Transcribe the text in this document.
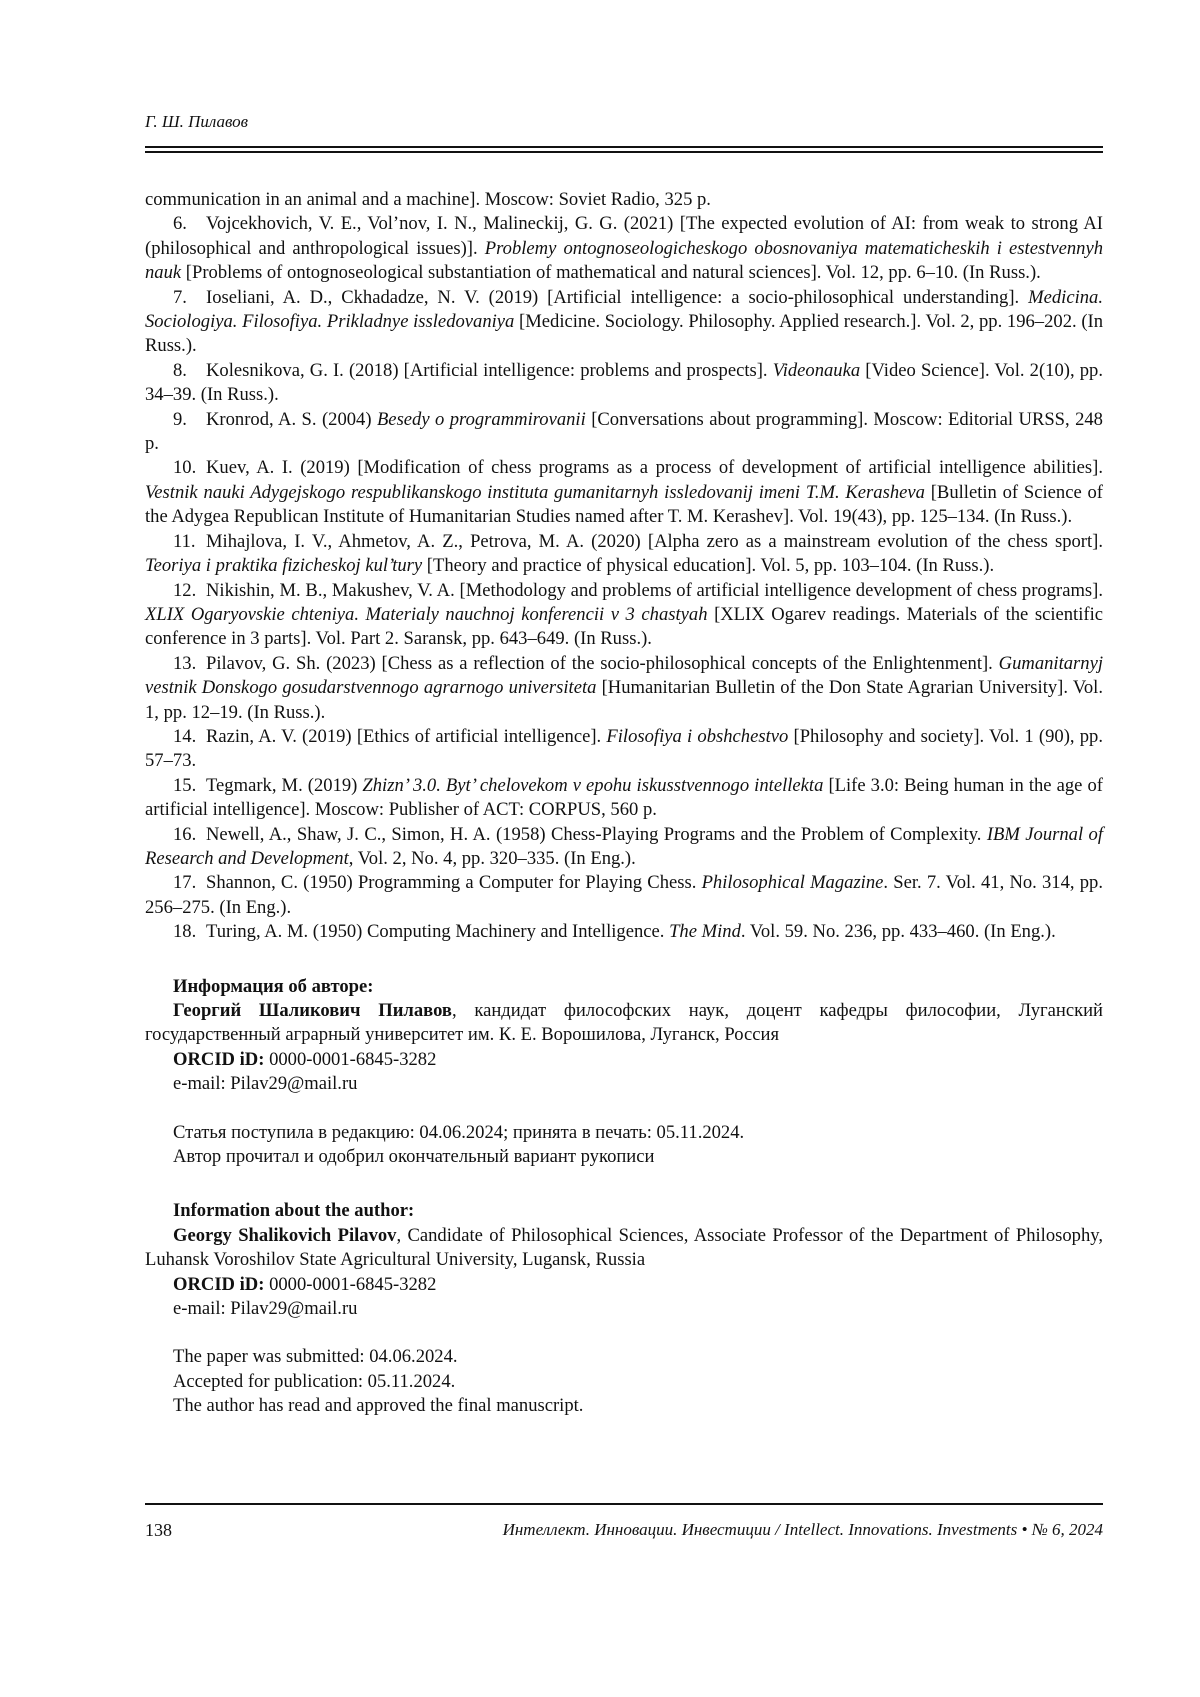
Г. Ш. Пилавов

communication in an animal and a machine]. Moscow: Soviet Radio, 325 p.

6. Vojcekhovich, V. E., Vol’nov, I. N., Malineckij, G. G. (2021) [The expected evolution of AI: from weak to strong AI (philosophical and anthropological issues)]. Problemy ontognoseologicheskogo obosnovaniya matematicheskih i estestvennyh nauk [Problems of ontognoseological substantiation of mathematical and natural sciences]. Vol. 12, pp. 6–10. (In Russ.).

7. Ioseliani, A. D., Ckhadadze, N. V. (2019) [Artificial intelligence: a socio-philosophical understanding]. Medicina. Sociologiya. Filosofiya. Prikladnye issledovaniya [Medicine. Sociology. Philosophy. Applied research.]. Vol. 2, pp. 196–202. (In Russ.).

8. Kolesnikova, G. I. (2018) [Artificial intelligence: problems and prospects]. Videonauka [Video Science]. Vol. 2(10), pp. 34–39. (In Russ.).

9. Kronrod, A. S. (2004) Besedy o programmirovanii [Conversations about programming]. Moscow: Editorial URSS, 248 p.

10. Kuev, A. I. (2019) [Modification of chess programs as a process of development of artificial intelligence abilities]. Vestnik nauki Adygejskogo respublikanskogo instituta gumanitarnyh issledovanij imeni T.M. Kerasheva [Bulletin of Science of the Adygea Republican Institute of Humanitarian Studies named after T. M. Kerashev]. Vol. 19(43), pp. 125–134. (In Russ.).

11. Mihajlova, I. V., Ahmetov, A. Z., Petrova, M. A. (2020) [Alpha zero as a mainstream evolution of the chess sport]. Teoriya i praktika fizicheskoj kul’tury [Theory and practice of physical education]. Vol. 5, pp. 103–104. (In Russ.).

12. Nikishin, M. B., Makushev, V. A. [Methodology and problems of artificial intelligence development of chess programs]. XLIX Ogaryovskie chteniya. Materialy nauchnoj konferencii v 3 chastyah [XLIX Ogarev readings. Materials of the scientific conference in 3 parts]. Vol. Part 2. Saransk, pp. 643–649. (In Russ.).

13. Pilavov, G. Sh. (2023) [Chess as a reflection of the socio-philosophical concepts of the Enlightenment]. Gumanitarnyj vestnik Donskogo gosudarstvennogo agrarnogo universiteta [Humanitarian Bulletin of the Don State Agrarian University]. Vol. 1, pp. 12–19. (In Russ.).

14. Razin, A. V. (2019) [Ethics of artificial intelligence]. Filosofiya i obshchestvo [Philosophy and society]. Vol. 1 (90), pp. 57–73.

15. Tegmark, M. (2019) Zhizn’ 3.0. Byt’ chelovekom v epohu iskusstvennogo intellekta [Life 3.0: Being human in the age of artificial intelligence]. Moscow: Publisher of ACT: CORPUS, 560 p.

16. Newell, A., Shaw, J. C., Simon, H. A. (1958) Chess-Playing Programs and the Problem of Complexity. IBM Journal of Research and Development, Vol. 2, No. 4, pp. 320–335. (In Eng.).

17. Shannon, C. (1950) Programming a Computer for Playing Chess. Philosophical Magazine. Ser. 7. Vol. 41, No. 314, pp. 256–275. (In Eng.).

18. Turing, A. M. (1950) Computing Machinery and Intelligence. The Mind. Vol. 59. No. 236, pp. 433–460. (In Eng.).

Информация об авторе:

Георгий Шаликович Пилавов, кандидат философских наук, доцент кафедры философии, Луганский государственный аграрный университет им. К. Е. Ворошилова, Луганск, Россия

ORCID iD: 0000-0001-6845-3282

e-mail: Pilav29@mail.ru

Статья поступила в редакцию: 04.06.2024; принята в печать: 05.11.2024.

Автор прочитал и одобрил окончательный вариант рукописи

Information about the author:

Georgy Shalikovich Pilavov, Candidate of Philosophical Sciences, Associate Professor of the Department of Philosophy, Luhansk Voroshilov State Agricultural University, Lugansk, Russia

ORCID iD: 0000-0001-6845-3282

e-mail: Pilav29@mail.ru

The paper was submitted: 04.06.2024.

Accepted for publication: 05.11.2024.

The author has read and approved the final manuscript.

138	Интеллект. Инновации. Инвестиции / Intellect. Innovations. Investments • № 6, 2024
